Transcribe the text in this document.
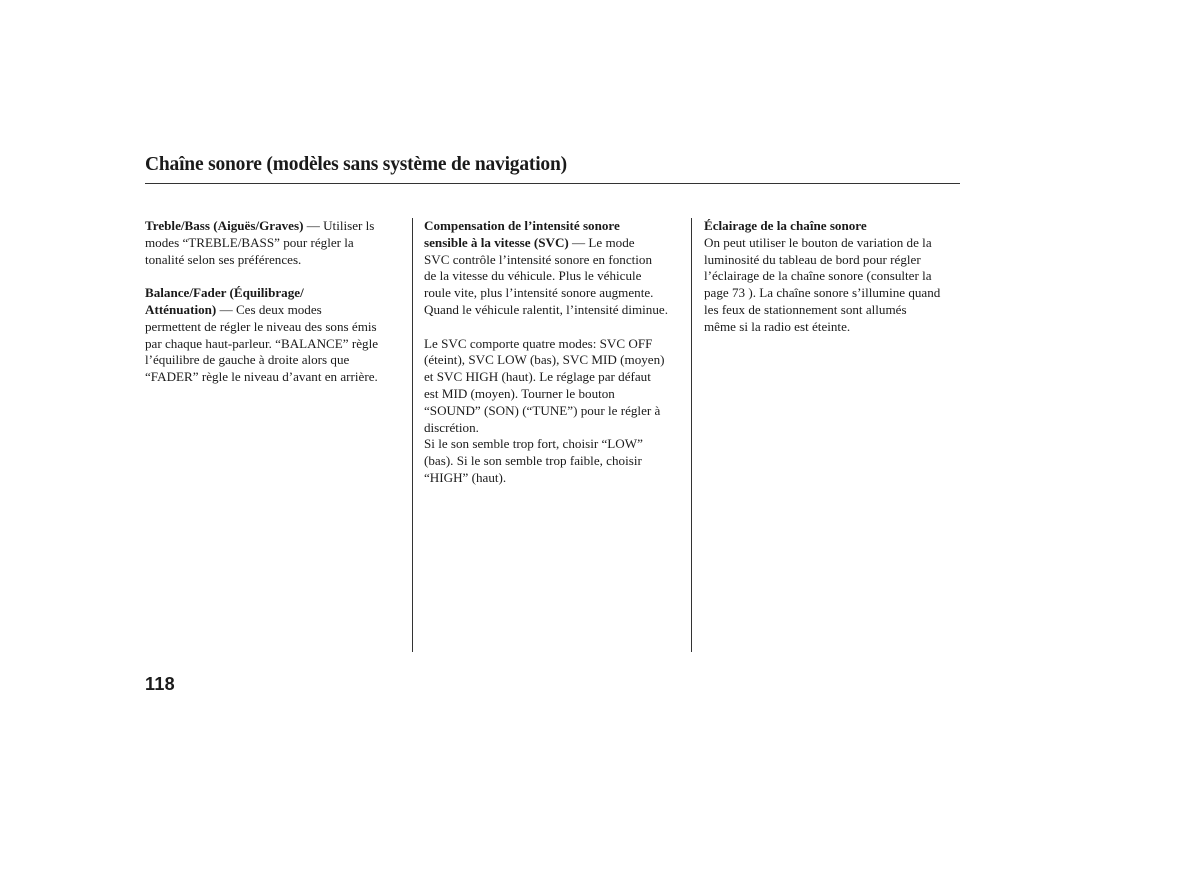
Chaîne sonore (modèles sans système de navigation)

Treble/Bass (Aiguës/Graves) — Utiliser ls
modes “TREBLE/BASS” pour régler la
tonalité selon ses préférences.

Balance/Fader (Équilibrage/
Atténuation) — Ces deux modes
permettent de régler le niveau des sons émis
par chaque haut-parleur. “BALANCE” règle
l’équilibre de gauche à droite alors que
“FADER” règle le niveau d’avant en arrière.

Compensation de l’intensité sonore
sensible à la vitesse (SVC) — Le mode
SVC contrôle l’intensité sonore en fonction
de la vitesse du véhicule. Plus le véhicule
roule vite, plus l’intensité sonore augmente.
Quand le véhicule ralentit, l’intensité diminue.

Le SVC comporte quatre modes: SVC OFF
(éteint), SVC LOW (bas), SVC MID (moyen)
et SVC HIGH (haut). Le réglage par défaut
est MID (moyen). Tourner le bouton
“SOUND” (SON) (“TUNE”) pour le régler à
discrétion.

Si le son semble trop fort, choisir “LOW”
(bas). Si le son semble trop faible, choisir
“HIGH” (haut).

Éclairage de la chaîne sonore
On peut utiliser le bouton de variation de la
luminosité du tableau de bord pour régler
l’éclairage de la chaîne sonore (consulter la
page 73 ). La chaîne sonore s’illumine quand
les feux de stationnement sont allumés
même si la radio est éteinte.

118
